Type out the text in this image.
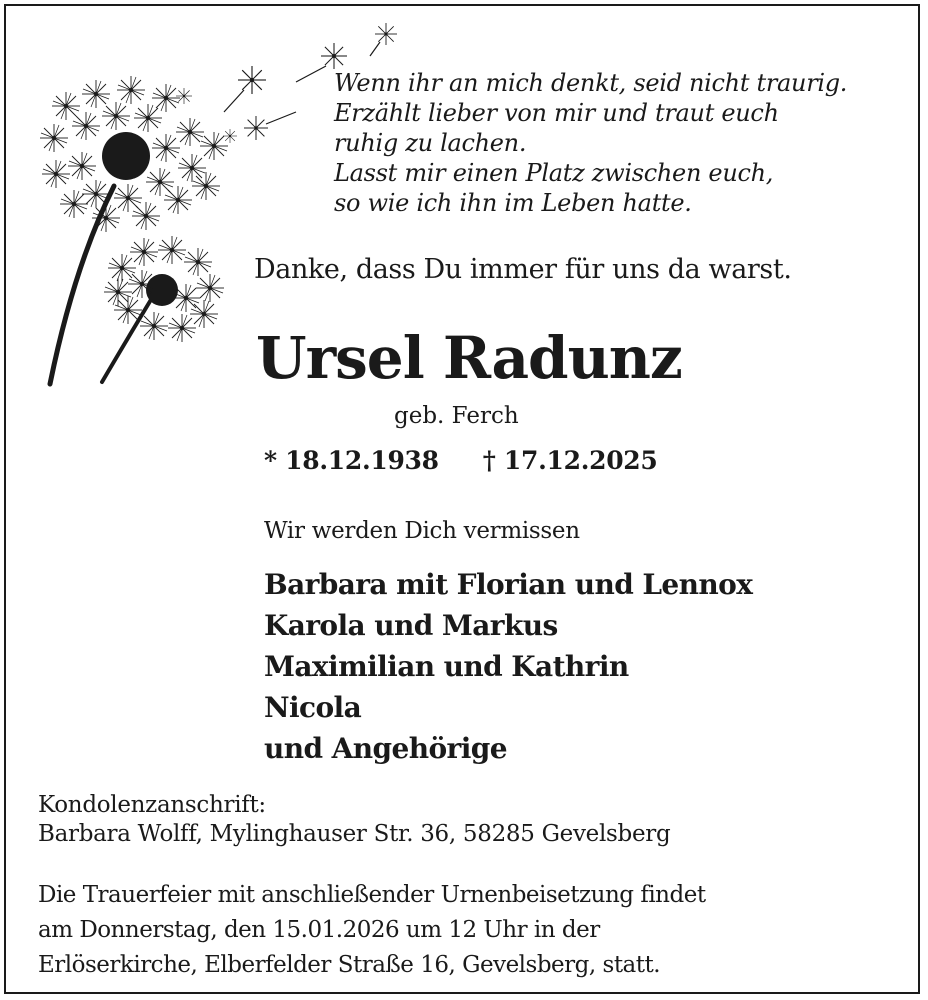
Wenn ihr an mich denkt, seid nicht traurig.
Erzählt lieber von mir und traut euch
ruhig zu lachen.
Lasst mir einen Platz zwischen euch,
so wie ich ihn im Leben hatte.
Danke, dass Du immer für uns da warst.
Ursel Radunz
geb. Ferch
* 18.12.1938 † 17.12.2025
Wir werden Dich vermissen
Barbara mit Florian und Lennox
Karola und Markus
Maximilian und Kathrin
Nicola
und Angehörige
Kondolenzanschrift:
Barbara Wolff, Mylinghauser Str. 36, 58285 Gevelsberg
Die Trauerfeier mit anschließender Urnenbeisetzung findet
am Donnerstag, den 15.01.2026 um 12 Uhr in der
Erlöserkirche, Elberfelder Straße 16, Gevelsberg, statt.
